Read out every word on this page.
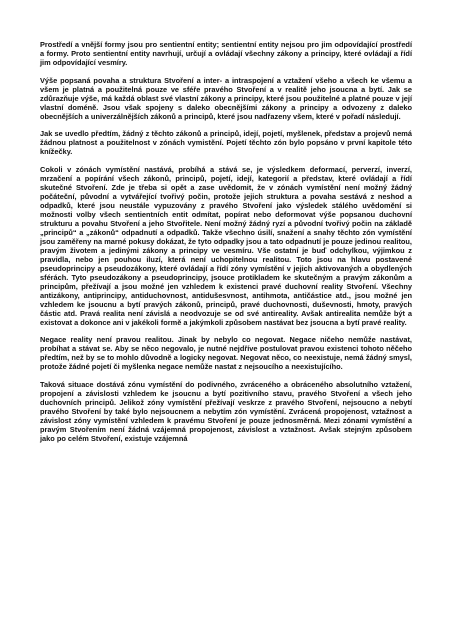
Prostředí a vnější formy jsou pro sentientní entity; sentientní entity nejsou pro jim odpovídající prostředí a formy. Proto sentientní entity navrhují, určují a ovládají všechny zákony a principy, které ovládají a řídí jim odpovídající vesmíry.

Výše popsaná povaha a struktura Stvoření a inter- a intraspojení a vztažení všeho a všech ke všemu a všem je platná a použitelná pouze ve sféře pravého Stvoření a v realitě jeho jsoucna a bytí. Jak se zdůrazňuje výše, má každá oblast své vlastní zákony a principy, které jsou použitelné a platné pouze v její vlastní doméně. Jsou však spojeny s daleko obecnějšími zákony a principy a odvozeny z daleko obecnějších a univerzálnějších zákonů a principů, které jsou nadřazeny všem, které v pořadí následují.

Jak se uvedlo předtím, žádný z těchto zákonů a principů, idejí, pojetí, myšlenek, představ a projevů nemá žádnou platnost a použitelnost v zónách vymistění. Pojetí těchto zón bylo popsáno v první kapitole této knížečky.

Cokoli v zónách vymístění nastává, probíhá a stává se, je výsledkem deformací, perverzí, inverzí, mrzačení a popírání všech zákonů, principů, pojetí, idejí, kategorií a představ, které ovládají a řídí skutečné Stvoření. Zde je třeba si opět a zase uvědomit, že v zónách vymístění není možný žádný počáteční, původní a vytvářející tvořivý počin, protože jejich struktura a povaha sestává z neshod a odpadků, které jsou neustále vypuzovány z pravého Stvoření jako výsledek stálého uvědomění si možnosti volby všech sentientních entit odmítat, popírat nebo deformovat výše popsanou duchovní strukturu a povahu Stvoření a jeho Stvořitele. Není možný žádný ryzí a původní tvořivý počin na základě „principů“ a „zákonů“ odpadnutí a odpadků. Takže všechno úsilí, snažení a snahy těchto zón vymístění jsou zaměřeny na marné pokusy dokázat, že tyto odpadky jsou a tato odpadnutí je pouze jedinou realitou, pravým životem a jedinými zákony a principy ve vesmíru. Vše ostatní je buď odchylkou, výjimkou z pravidla, nebo jen pouhou iluzí, která není uchopitelnou realitou. Toto jsou na hlavu postavené pseudoprincipy a pseudozákony, které ovládají a řídí zóny vymístění v jejich aktivovaných a obydlených sférách. Tyto pseudozákony a pseudoprincipy, jsouce protikladem ke skutečným a pravým zákonům a principům, přežívají a jsou možné jen vzhledem k existenci pravé duchovní reality Stvoření. Všechny antizákony, antiprincipy, antiduchovnost, antidušesvnost, antihmota, antičástice atd., jsou možné jen vzhledem ke jsoucnu a bytí pravých zákonů, principů, pravé duchovnosti, duševnosti, hmoty, pravých částic atd. Pravá realita není závislá a neodvozuje se od své antireality. Avšak antirealita nemůže být a existovat a dokonce ani v jakékoli formě a jakýmkoli způsobem nastávat bez jsoucna a bytí pravé reality.

Negace reality není pravou realitou. Jinak by nebylo co negovat. Negace ničeho nemůže nastávat, probíhat a stávat se. Aby se něco negovalo, je nutné nejdříve postulovat pravou existenci tohoto něčeho předtím, než by se to mohlo důvodně a logicky negovat. Negovat něco, co neexistuje, nemá žádný smysl, protože žádné pojetí či myšlenka negace nemůže nastat z nejsoucího a neexistujícího.

Taková situace dostává zónu vymístění do podivného, zvráceného a obráceného absolutního vztažení, propojení a závislosti vzhledem ke jsoucnu a bytí pozitivního stavu, pravého Stvoření a všech jeho duchovních principů. Jelikož zóny vymístění přežívají veskrze z pravého Stvoření, nejsoucno a nebytí pravého Stvoření by také bylo nejsoucnem a nebytím zón vymístění. Zvrácená propojenost, vztažnost a závislost zóny vymístění vzhledem k pravému Stvoření je pouze jednosměrná. Mezi zónami vymístění a pravým Stvořením není žádná vzájemná propojenost, závislost a vztažnost. Avšak stejným způsobem jako po celém Stvoření, existuje vzájemná
